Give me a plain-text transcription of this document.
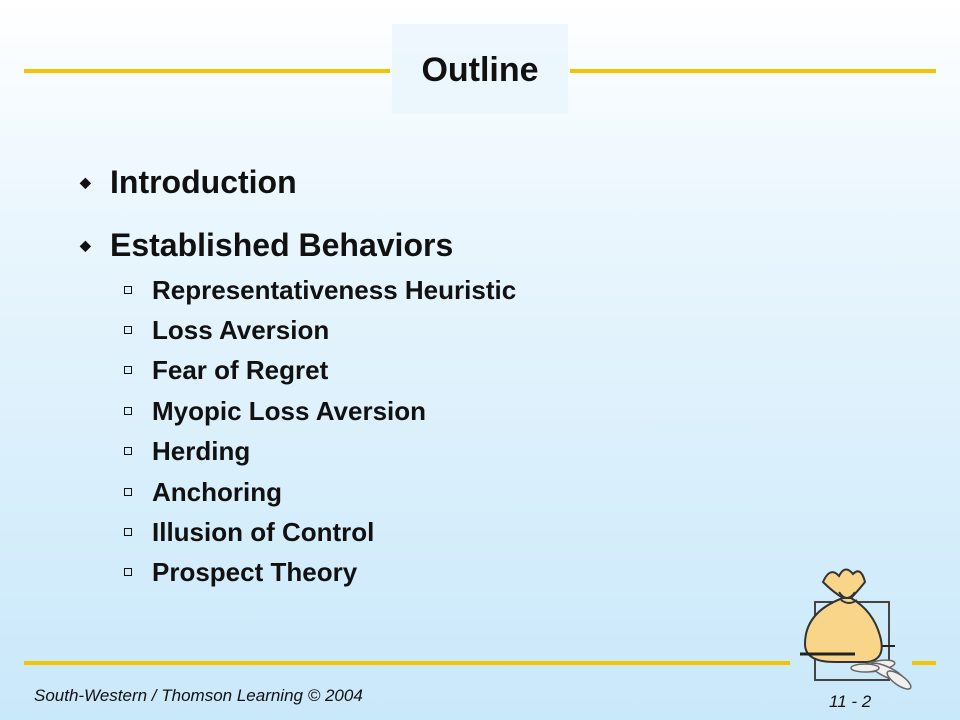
Outline
◆ Introduction
◆ Established Behaviors
Representativeness Heuristic
Loss Aversion
Fear of Regret
Myopic Loss Aversion
Herding
Anchoring
Illusion of Control
Prospect Theory
South-Western / Thomson Learning © 2004	11 - 2
